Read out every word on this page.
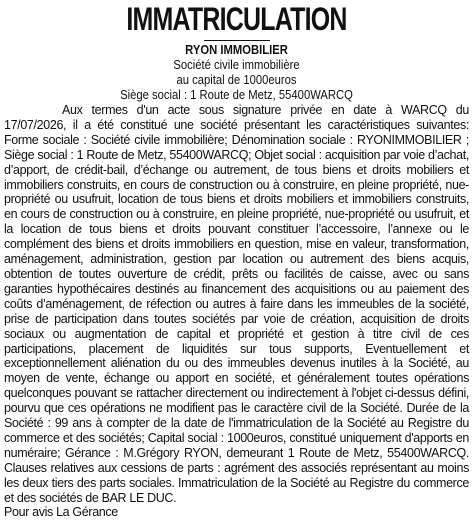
IMMATRICULATION
RYON IMMOBILIER
Société civile immobilière
au capital de 1000euros
Siège social : 1 Route de Metz, 55400WARCQ

Aux termes d'un acte sous signature privée en date à WARCQ du 17/07/2026, il a été constitué une société présentant les caractéristiques suivantes: Forme sociale : Société civile immobilière; Dénomination sociale : RYONIMMOBILIER ; Siège social : 1 Route de Metz, 55400WARCQ; Objet social : acquisition par voie d’achat, d’apport, de crédit-bail, d’échange ou autrement, de tous biens et droits mobiliers et immobiliers construits, en cours de construction ou à construire, en pleine propriété, nue-propriété ou usufruit, location de tous biens et droits mobiliers et immobiliers construits, en cours de construction ou à construire, en pleine propriété, nue-propriété ou usufruit, et la location de tous biens et droits pouvant constituer l’accessoire, l’annexe ou le complément des biens et droits immobiliers en question, mise en valeur, transformation, aménagement, administration, gestion par location ou autrement des biens acquis, obtention de toutes ouverture de crédit, prêts ou facilités de caisse, avec ou sans garanties hypothécaires destinés au financement des acquisitions ou au paiement des coûts d’aménagement, de réfection ou autres à faire dans les immeubles de la société, prise de participation dans toutes sociétés par voie de création, acquisition de droits sociaux ou augmentation de capital et propriété et gestion à titre civil de ces participations, placement de liquidités sur tous supports, Eventuellement et exceptionnellement aliénation du ou des immeubles devenus inutiles à la Société, au moyen de vente, échange ou apport en société, et généralement toutes opérations quelconques pouvant se rattacher directement ou indirectement à l'objet ci-dessus défini, pourvu que ces opérations ne modifient pas le caractère civil de la Société. Durée de la Société : 99 ans à compter de la date de l'immatriculation de la Société au Registre du commerce et des sociétés; Capital social : 1000euros, constitué uniquement d'apports en numéraire; Gérance : M.Grégory RYON, demeurant 1 Route de Metz, 55400WARCQ. Clauses relatives aux cessions de parts : agrément des associés représentant au moins les deux tiers des parts sociales. Immatriculation de la Société au Registre du commerce et des sociétés de BAR LE DUC.

Pour avis La Gérance
